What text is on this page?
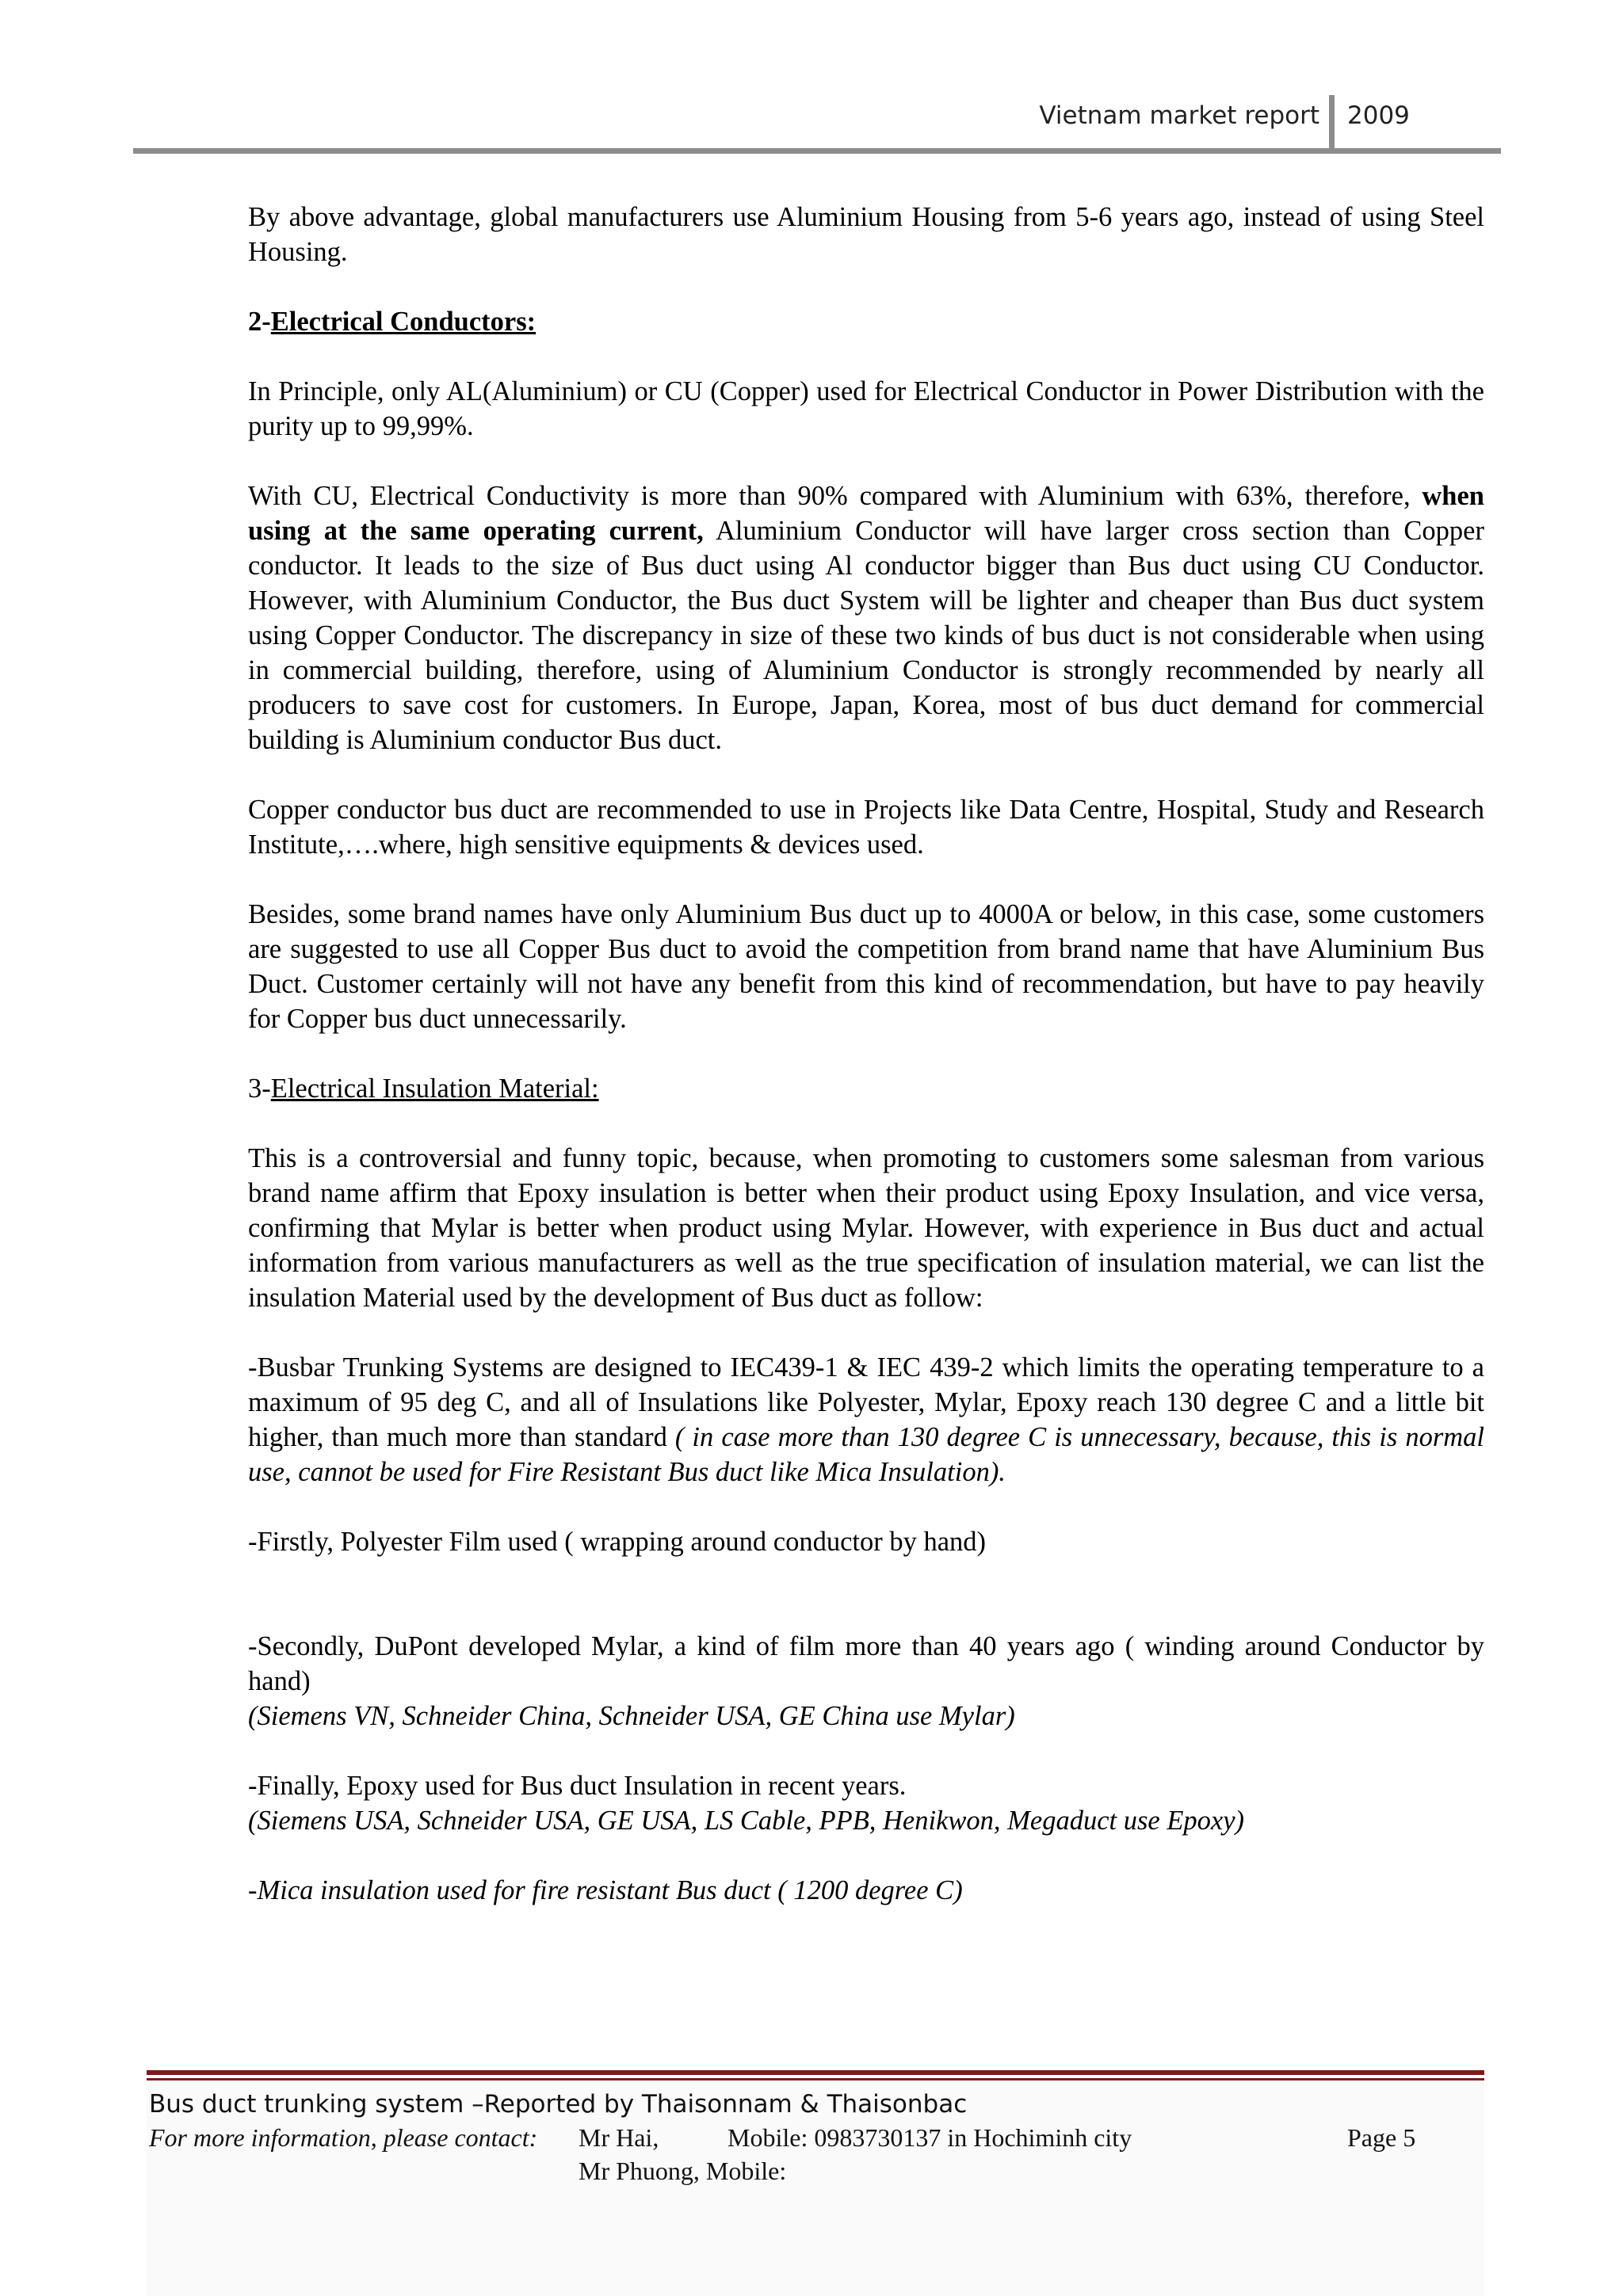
Vietnam market report 2009

By above advantage, global manufacturers use Aluminium Housing from 5-6 years ago, instead of using Steel Housing.

2-Electrical Conductors:

In Principle, only AL(Aluminium) or CU (Copper) used for Electrical Conductor in Power Distribution with the purity up to 99,99%.

With CU, Electrical Conductivity is more than 90% compared with Aluminium with 63%, therefore, when using at the same operating current, Aluminium Conductor will have larger cross section than Copper conductor. It leads to the size of Bus duct using Al conductor bigger than Bus duct using CU Conductor. However, with Aluminium Conductor, the Bus duct System will be lighter and cheaper than Bus duct system using Copper Conductor. The discrepancy in size of these two kinds of bus duct is not considerable when using in commercial building, therefore, using of Aluminium Conductor is strongly recommended by nearly all producers to save cost for customers. In Europe, Japan, Korea, most of bus duct demand for commercial building is Aluminium conductor Bus duct.

Copper conductor bus duct are recommended to use in Projects like Data Centre, Hospital, Study and Research Institute,….where, high sensitive equipments & devices used.

Besides, some brand names have only Aluminium Bus duct up to 4000A or below, in this case, some customers are suggested to use all Copper Bus duct to avoid the competition from brand name that have Aluminium Bus Duct. Customer certainly will not have any benefit from this kind of recommendation, but have to pay heavily for Copper bus duct unnecessarily.

3-Electrical Insulation Material:

This is a controversial and funny topic, because, when promoting to customers some salesman from various brand name affirm that Epoxy insulation is better when their product using Epoxy Insulation, and vice versa, confirming that Mylar is better when product using Mylar. However, with experience in Bus duct and actual information from various manufacturers as well as the true specification of insulation material, we can list the insulation Material used by the development of Bus duct as follow:

-Busbar Trunking Systems are designed to IEC439-1 & IEC 439-2 which limits the operating temperature to a maximum of 95 deg C, and all of Insulations like Polyester, Mylar, Epoxy reach 130 degree C and a little bit higher, than much more than standard ( in case more than 130 degree C is unnecessary, because, this is normal use, cannot be used for Fire Resistant Bus duct like Mica Insulation).

-Firstly, Polyester Film used ( wrapping around conductor by hand)

-Secondly, DuPont developed Mylar, a kind of film more than 40 years ago ( winding around Conductor by hand)

(Siemens VN, Schneider China, Schneider USA, GE China use Mylar)

-Finally, Epoxy used for Bus duct Insulation in recent years.

(Siemens USA, Schneider USA, GE USA, LS Cable, PPB, Henikwon, Megaduct use Epoxy)

-Mica insulation used for fire resistant Bus duct ( 1200 degree C)

Bus duct trunking system –Reported by Thaisonnam & Thaisonbac
For more information, please contact: Mr Hai,	Mobile: 0983730137 in Hochiminh city	Page 5
Mr Phuong, Mobile:
